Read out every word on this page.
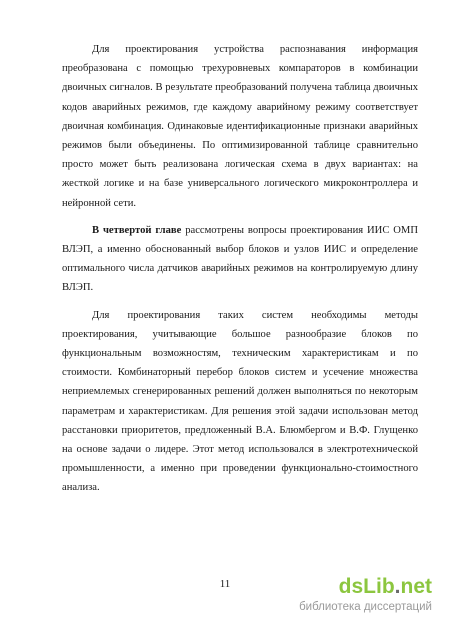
Для проектирования устройства распознавания информация преобразована с помощью трехуровневых компараторов в комбинации двоичных сигналов. В результате преобразований получена таблица двоичных кодов аварийных режимов, где каждому аварийному режиму соответствует двоичная комбинация. Одинаковые идентификационные признаки аварийных режимов были объединены. По оптимизированной таблице сравнительно просто может быть реализована логическая схема в двух вариантах: на жесткой логике и на базе универсального логического микроконтроллера и нейронной сети.

В четвертой главе рассмотрены вопросы проектирования ИИС ОМП ВЛЭП, а именно обоснованный выбор блоков и узлов ИИС и определение оптимального числа датчиков аварийных режимов на контролируемую длину ВЛЭП.

Для проектирования таких систем необходимы методы проектирования, учитывающие большое разнообразие блоков по функциональным возможностям, техническим характеристикам и по стоимости. Комбинаторный перебор блоков систем и усечение множества неприемлемых сгенерированных решений должен выполняться по некоторым параметрам и характеристикам. Для решения этой задачи использован метод расстановки приоритетов, предложенный В.А. Блюмбергом и В.Ф. Глущенко на основе задачи о лидере. Этот метод использовался в электротехнической промышленности, а именно при проведении функционально-стоимостного анализа.

11	dsLib.net
библиотека диссертаций
